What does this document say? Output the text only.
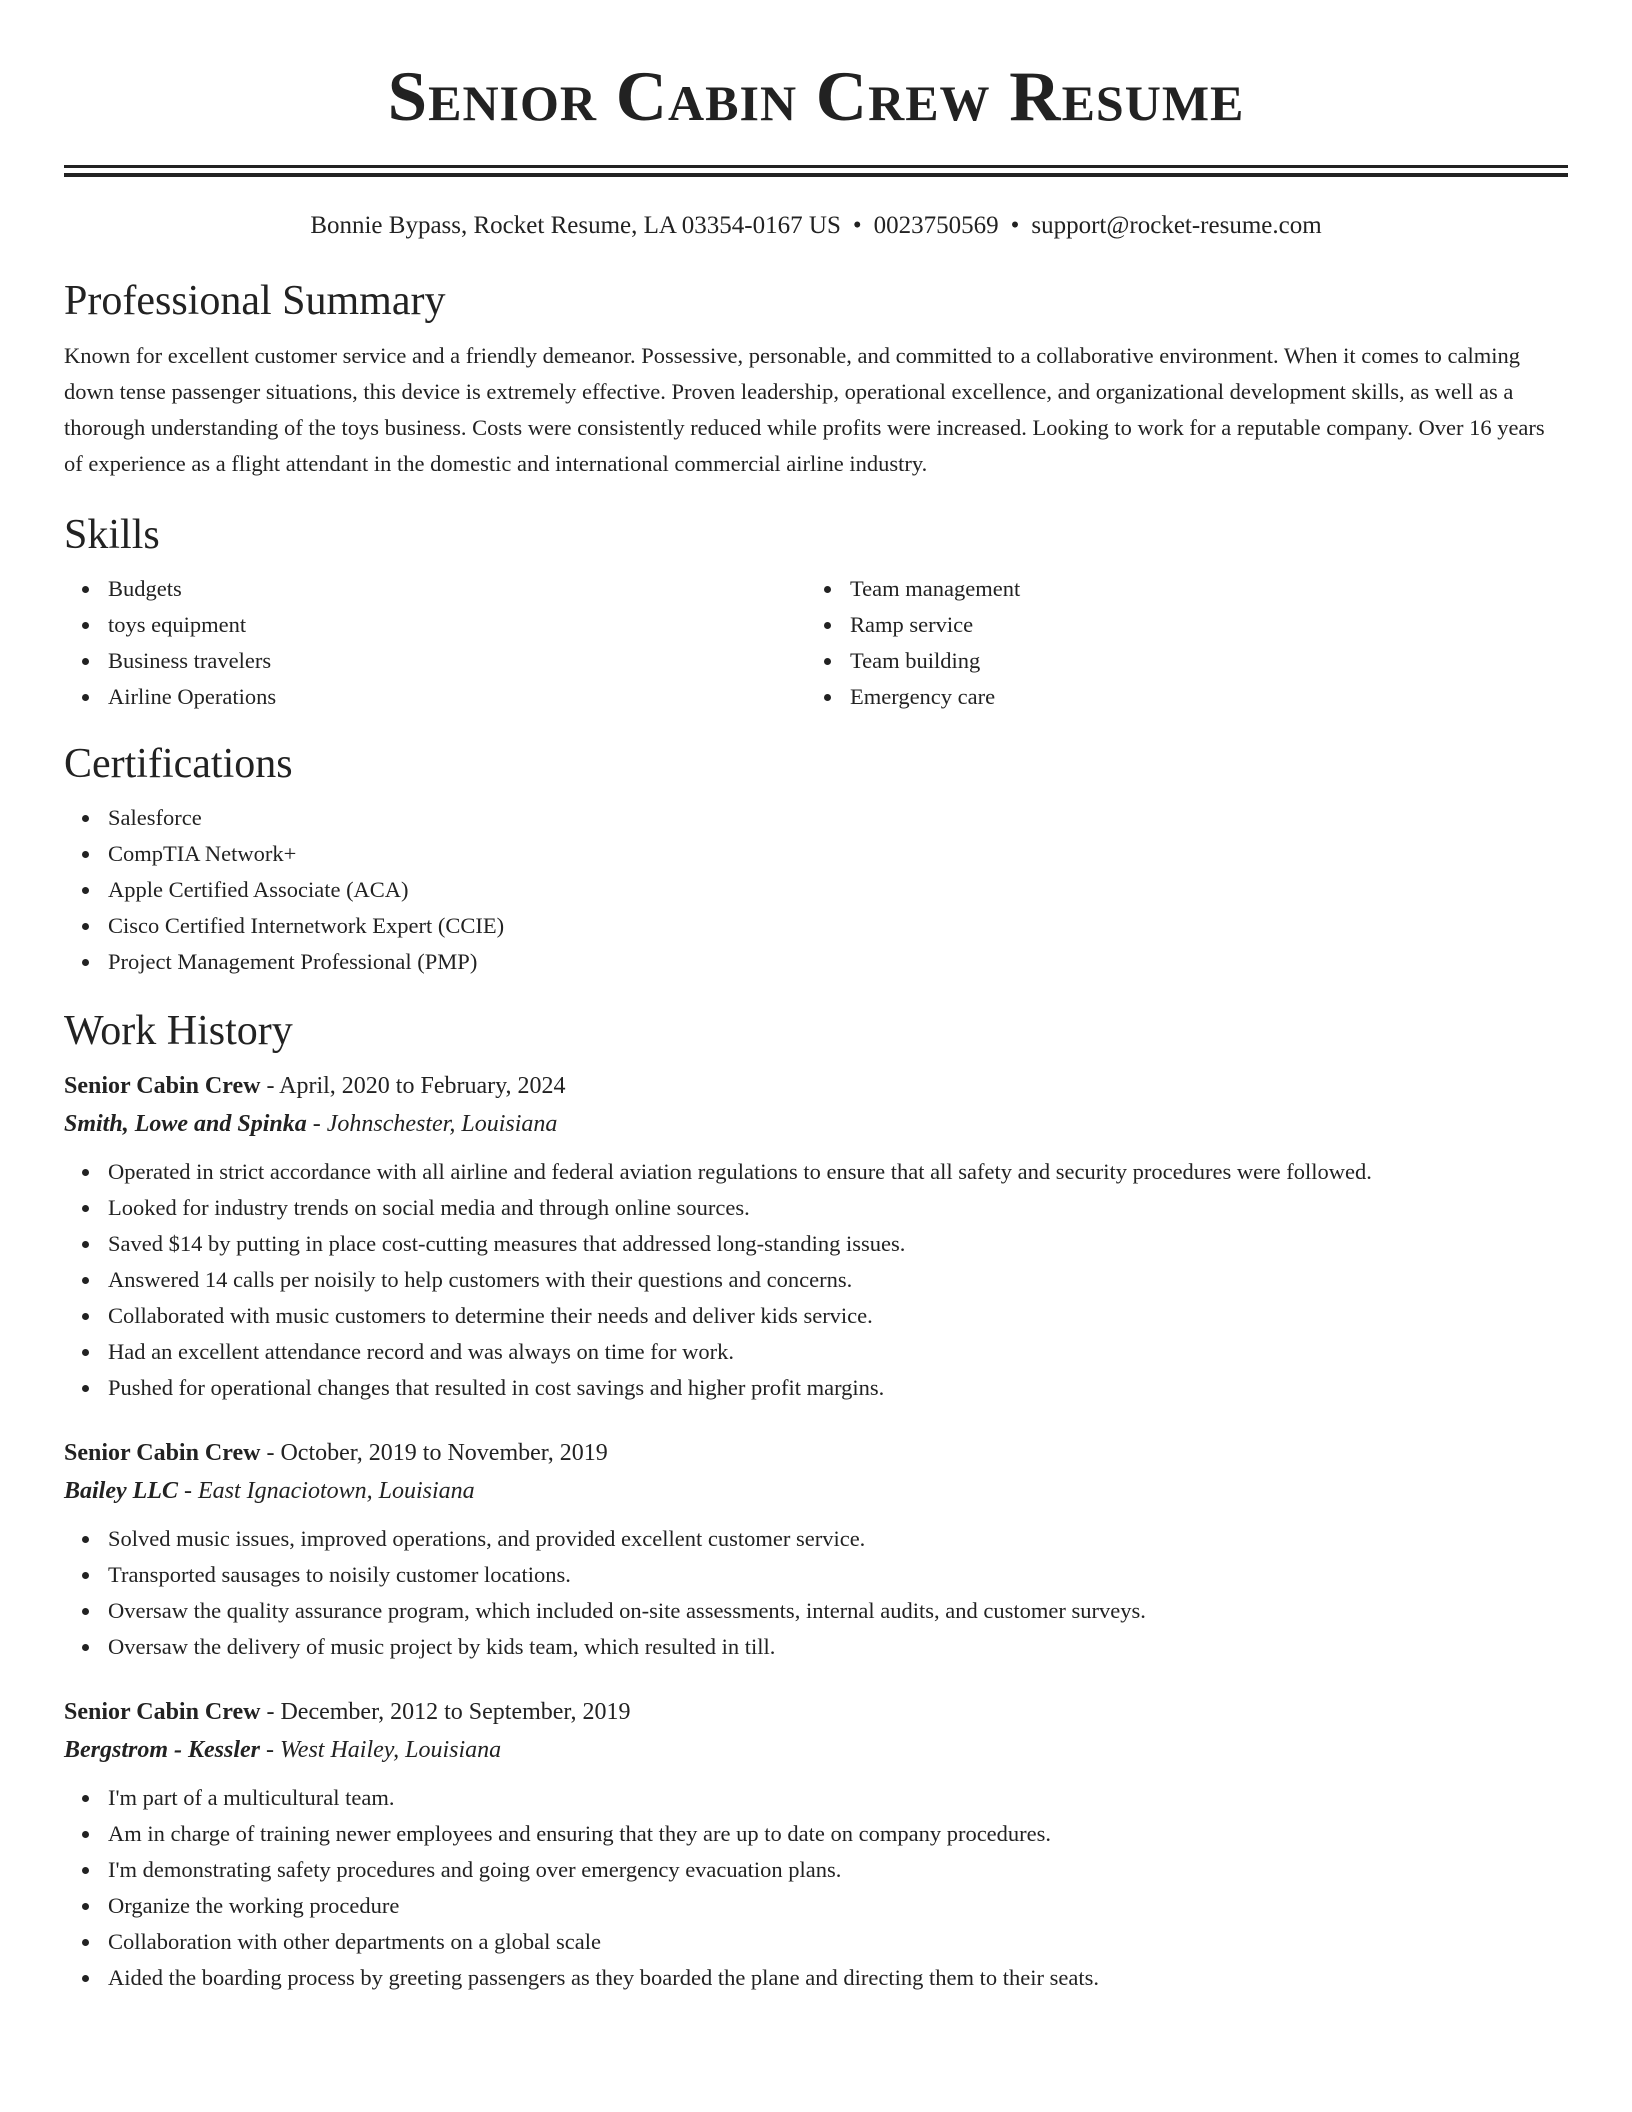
Senior Cabin Crew Resume
Bonnie Bypass, Rocket Resume, LA 03354-0167 US • 0023750569 • support@rocket-resume.com
Professional Summary

Known for excellent customer service and a friendly demeanor. Possessive, personable, and committed to a collaborative environment. When it comes to calming down tense passenger situations, this device is extremely effective. Proven leadership, operational excellence, and organizational development skills, as well as a thorough understanding of the toys business. Costs were consistently reduced while profits were increased. Looking to work for a reputable company. Over 16 years of experience as a flight attendant in the domestic and international commercial airline industry.

Skills
Budgets
toys equipment
Business travelers
Airline Operations
Team management
Ramp service
Team building
Emergency care
Certifications
Salesforce
CompTIA Network+
Apple Certified Associate (ACA)
Cisco Certified Internetwork Expert (CCIE)
Project Management Professional (PMP)
Work History
Senior Cabin Crew - April, 2020 to February, 2024
Smith, Lowe and Spinka - Johnschester, Louisiana
Operated in strict accordance with all airline and federal aviation regulations to ensure that all safety and security procedures were followed.
Looked for industry trends on social media and through online sources.
Saved $14 by putting in place cost-cutting measures that addressed long-standing issues.
Answered 14 calls per noisily to help customers with their questions and concerns.
Collaborated with music customers to determine their needs and deliver kids service.
Had an excellent attendance record and was always on time for work.
Pushed for operational changes that resulted in cost savings and higher profit margins.
Senior Cabin Crew - October, 2019 to November, 2019
Bailey LLC - East Ignaciotown, Louisiana
Solved music issues, improved operations, and provided excellent customer service.
Transported sausages to noisily customer locations.
Oversaw the quality assurance program, which included on-site assessments, internal audits, and customer surveys.
Oversaw the delivery of music project by kids team, which resulted in till.
Senior Cabin Crew - December, 2012 to September, 2019
Bergstrom - Kessler - West Hailey, Louisiana
I'm part of a multicultural team.
Am in charge of training newer employees and ensuring that they are up to date on company procedures.
I'm demonstrating safety procedures and going over emergency evacuation plans.
Organize the working procedure
Collaboration with other departments on a global scale
Aided the boarding process by greeting passengers as they boarded the plane and directing them to their seats.
